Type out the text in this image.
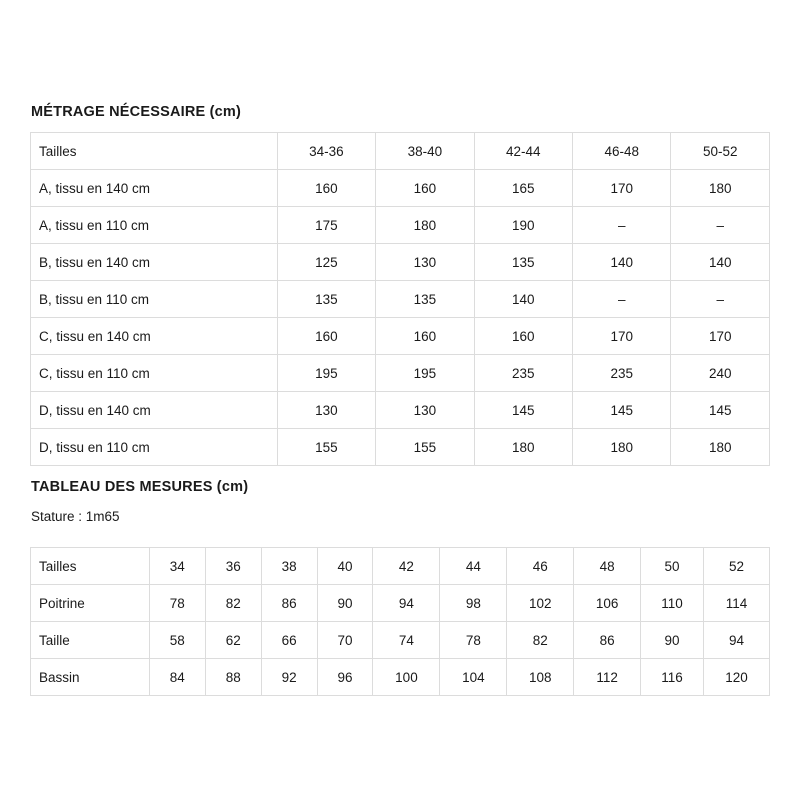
MÉTRAGE NÉCESSAIRE (cm)
Tailles	34-36	38-40	42-44	46-48	50-52
A, tissu en 140 cm	160	160	165	170	180
A, tissu en 110 cm	175	180	190	–	–
B, tissu en 140 cm	125	130	135	140	140
B, tissu en 110 cm	135	135	140	–	–
C, tissu en 140 cm	160	160	160	170	170
C, tissu en 110 cm	195	195	235	235	240
D, tissu en 140 cm	130	130	145	145	145
D, tissu en 110 cm	155	155	180	180	180
TABLEAU DES MESURES (cm)

Stature : 1m65

Tailles	34	36	38	40	42	44	46	48	50	52
Poitrine	78	82	86	90	94	98	102	106	110	114
Taille	58	62	66	70	74	78	82	86	90	94
Bassin	84	88	92	96	100	104	108	112	116	120
